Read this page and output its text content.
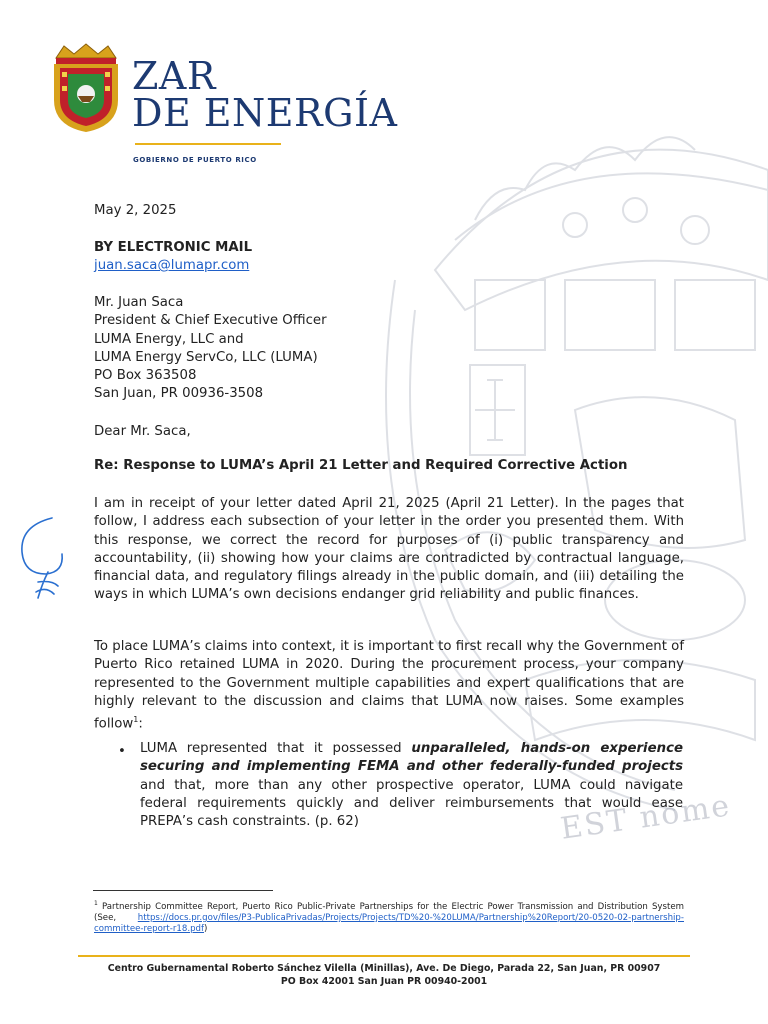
EST nome
ZAR
DE ENERGÍA
GOBIERNO DE PUERTO RICO
May 2, 2025
BY ELECTRONIC MAIL
juan.saca@lumapr.com
Mr. Juan Saca
President & Chief Executive Officer
LUMA Energy, LLC and
LUMA Energy ServCo, LLC (LUMA)
PO Box 363508
San Juan, PR 00936-3508
Dear Mr. Saca,
Re: Response to LUMA’s April 21 Letter and Required Corrective Action
I am in receipt of your letter dated April 21, 2025 (April 21 Letter). In the pages that follow, I address each subsection of your letter in the order you presented them. With this response, we correct the record for purposes of (i) public transparency and accountability, (ii) showing how your claims are contradicted by contractual language, financial data, and regulatory filings already in the public domain, and (iii) detailing the ways in which LUMA’s own decisions endanger grid reliability and public finances.
To place LUMA’s claims into context, it is important to first recall why the Government of Puerto Rico retained LUMA in 2020. During the procurement process, your company represented to the Government multiple capabilities and expert qualifications that are highly relevant to the discussion and claims that LUMA now raises. Some examples follow$^1$:
• LUMA represented that it possessed unparalleled, hands-on experience securing and implementing FEMA and other federally-funded projects and that, more than any other prospective operator, LUMA could navigate federal requirements quickly and deliver reimbursements that would ease PREPA’s cash constraints. (p. 62)
$^1$ Partnership Committee Report, Puerto Rico Public-Private Partnerships for the Electric Power Transmission and Distribution System (See, https://docs.pr.gov/files/P3-PublicaPrivadas/Projects/Projects/TD%20-%20LUMA/Partnership%20Report/20-0520-02-partnership-committee-report-r18.pdf)
Centro Gubernamental Roberto Sánchez Vilella (Minillas), Ave. De Diego, Parada 22, San Juan, PR 00907
PO Box 42001 San Juan PR 00940-2001
